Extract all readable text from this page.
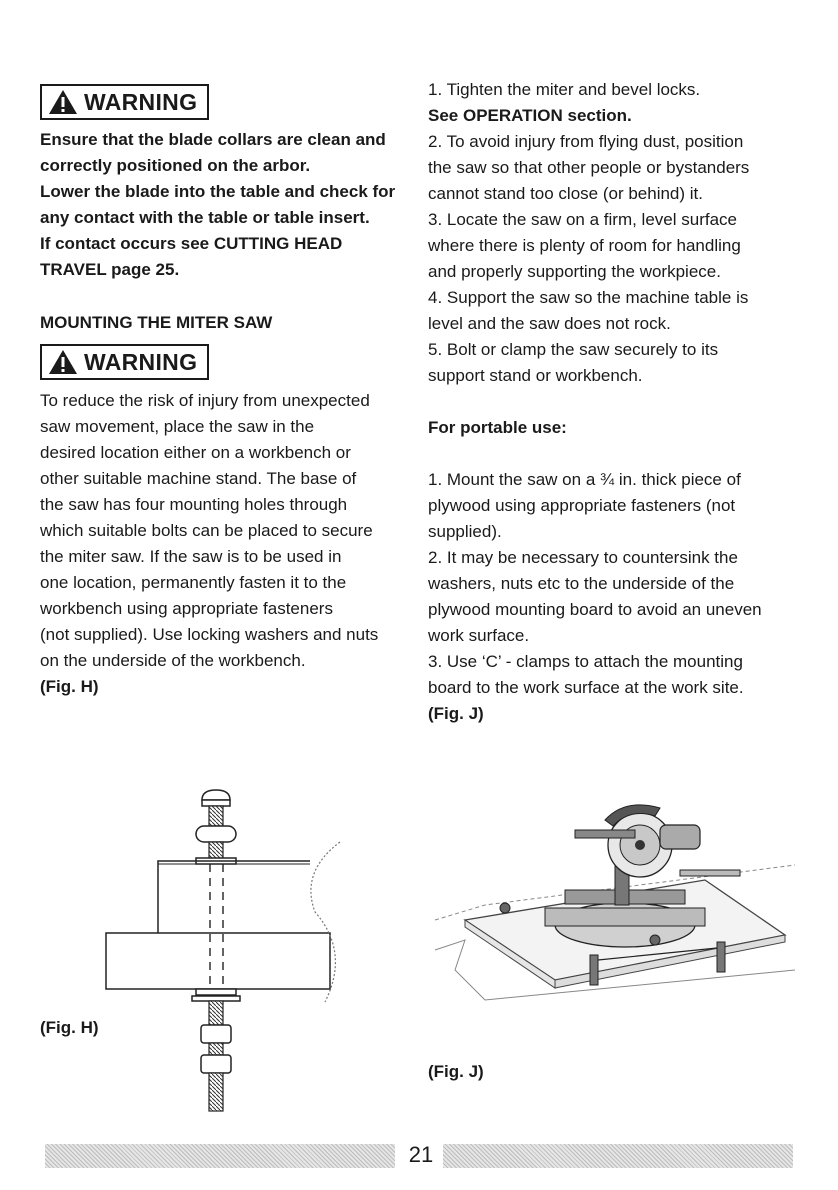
WARNING

Ensure that the blade collars are clean and

correctly positioned on the arbor.

Lower the blade into the table and check for

any contact with the table or table insert.

If contact occurs see CUTTING HEAD

TRAVEL page 25.

MOUNTING THE MITER SAW
WARNING

To reduce the risk of injury from unexpected

saw movement, place the saw in the

desired location either on a workbench or

other suitable machine stand. The base of

the saw has four mounting holes through

which suitable bolts can be placed to secure

the miter saw. If the saw is to be used in

one location, permanently fasten it to the

workbench using appropriate fasteners

(not supplied). Use locking washers and nuts

on the underside of the workbench.

(Fig. H)

1. Tighten the miter and bevel locks.

See OPERATION section.

2. To avoid injury from flying dust, position

the saw so that other people or bystanders

cannot stand too close (or behind) it.

3. Locate the saw on a firm, level surface

where there is plenty of room for handling

and properly supporting the workpiece.

4. Support the saw so the machine table is

level and the saw does not rock.

5. Bolt or clamp the saw securely to its

support stand or workbench.

For portable use:

1. Mount the saw on a ¾ in. thick piece of

plywood using appropriate fasteners (not

supplied).

2. It may be necessary to countersink the

washers, nuts etc to the underside of the

plywood mounting board to avoid an uneven

work surface.

3. Use ‘C’ - clamps to attach the mounting

board to the work surface at the work site.

(Fig. J)

(Fig. H)
(Fig. J)
21
